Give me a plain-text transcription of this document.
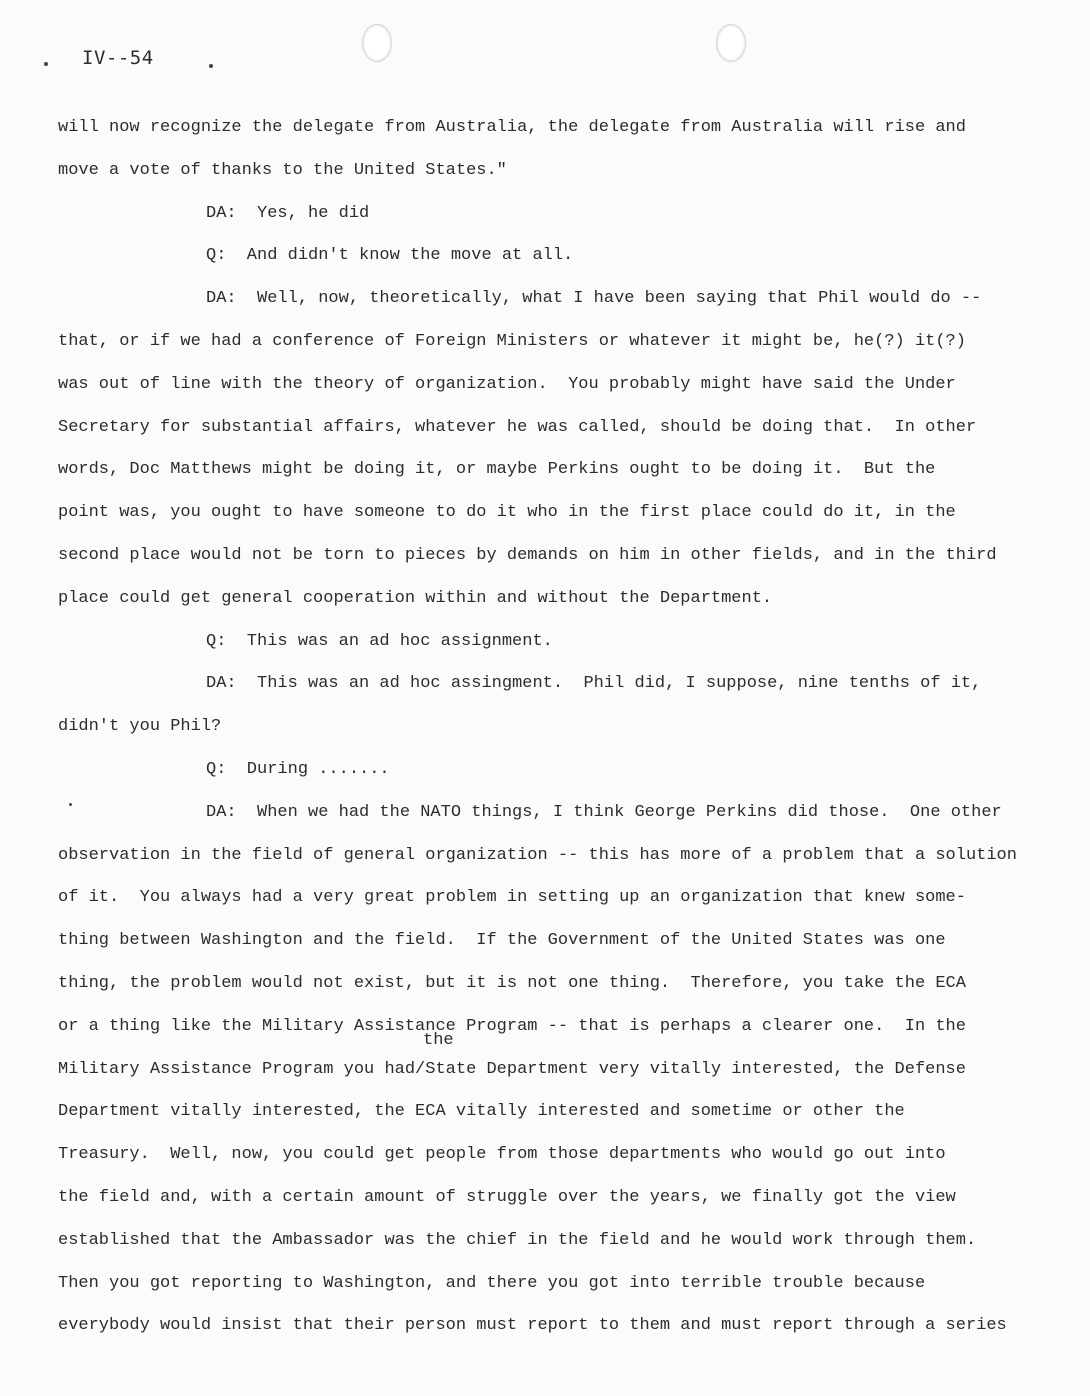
IV--54
will now recognize the delegate from Australia, the delegate from Australia will rise and
move a vote of thanks to the United States."
DA:  Yes, he did
Q:  And didn't know the move at all.
DA:  Well, now, theoretically, what I have been saying that Phil would do --
that, or if we had a conference of Foreign Ministers or whatever it might be, he(?) it(?)
was out of line with the theory of organization.  You probably might have said the Under
Secretary for substantial affairs, whatever he was called, should be doing that.  In other
words, Doc Matthews might be doing it, or maybe Perkins ought to be doing it.  But the
point was, you ought to have someone to do it who in the first place could do it, in the
second place would not be torn to pieces by demands on him in other fields, and in the third
place could get general cooperation within and without the Department.
Q:  This was an ad hoc assignment.
DA:  This was an ad hoc assingment.  Phil did, I suppose, nine tenths of it,
didn't you Phil?
Q:  During .......
DA:  When we had the NATO things, I think George Perkins did those.  One other
observation in the field of general organization -- this has more of a problem that a solution
of it.  You always had a very great problem in setting up an organization that knew some-
thing between Washington and the field.  If the Government of the United States was one
thing, the problem would not exist, but it is not one thing.  Therefore, you take the ECA
or a thing like the Military Assistance Program -- that is perhaps a clearer one.  In the
Military Assistance Program you had/State Department very vitally interested, the Defense
Department vitally interested, the ECA vitally interested and sometime or other the
Treasury.  Well, now, you could get people from those departments who would go out into
the field and, with a certain amount of struggle over the years, we finally got the view
established that the Ambassador was the chief in the field and he would work through them.
Then you got reporting to Washington, and there you got into terrible trouble because
everybody would insist that their person must report to them and must report through a series
the
